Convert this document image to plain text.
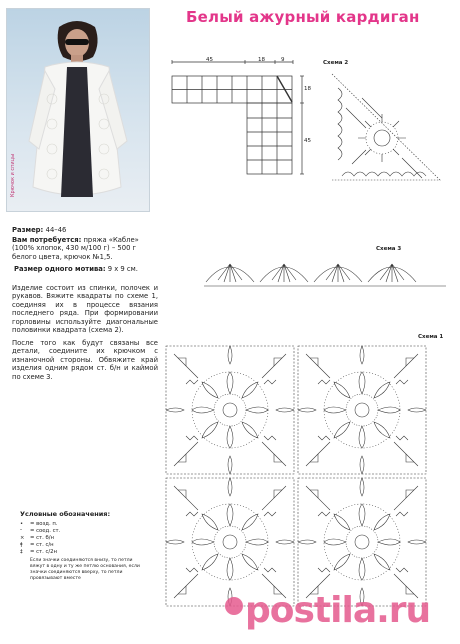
Крючок и спицы
Белый ажурный кардиган
45	18	9
18
45
Схема 2
Размер: 44–46
Вам потребуется: пряжа «Кабле» (100% хлопок, 430 м/100 г) – 500 г белого цвета, крючок №1,5.
Размер одного мотива: 9 х 9 см.
Изделие состоит из спинки, полочек и рукавов. Вяжите квадраты по схеме 1, соединяя их в процессе вязания последнего ряда. При формировании горловины используйте диагональные половинки квадрата (схема 2).
После того как будут связаны все детали, соедините их крючком с изнаночной стороны. Обвяжите край изделия одним рядом ст. б/н и каймой по схеме 3.
Схема 3
Схема 1
Условные обозначения:
• = возд. п.
ᵕ = соед. ст.
× = ст. б/н
ǂ = ст. с/н
‡ = ст. с/2н
Если значки соединяются внизу, то петли вяжут в одну и ту же петлю основания, если значки соединяются вверху, то петли провязывают вместе
postila.ru
